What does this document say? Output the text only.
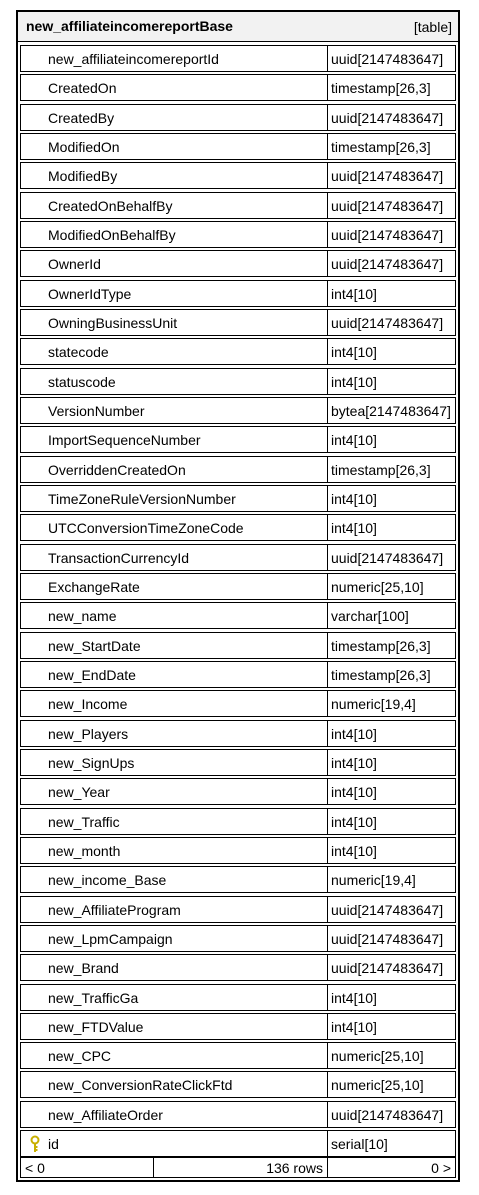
new_affiliateincomereportBase	[table]
new_affiliateincomereportId	uuid[2147483647]
CreatedOn	timestamp[26,3]
CreatedBy	uuid[2147483647]
ModifiedOn	timestamp[26,3]
ModifiedBy	uuid[2147483647]
CreatedOnBehalfBy	uuid[2147483647]
ModifiedOnBehalfBy	uuid[2147483647]
OwnerId	uuid[2147483647]
OwnerIdType	int4[10]
OwningBusinessUnit	uuid[2147483647]
statecode	int4[10]
statuscode	int4[10]
VersionNumber	bytea[2147483647]
ImportSequenceNumber	int4[10]
OverriddenCreatedOn	timestamp[26,3]
TimeZoneRuleVersionNumber	int4[10]
UTCConversionTimeZoneCode	int4[10]
TransactionCurrencyId	uuid[2147483647]
ExchangeRate	numeric[25,10]
new_name	varchar[100]
new_StartDate	timestamp[26,3]
new_EndDate	timestamp[26,3]
new_Income	numeric[19,4]
new_Players	int4[10]
new_SignUps	int4[10]
new_Year	int4[10]
new_Traffic	int4[10]
new_month	int4[10]
new_income_Base	numeric[19,4]
new_AffiliateProgram	uuid[2147483647]
new_LpmCampaign	uuid[2147483647]
new_Brand	uuid[2147483647]
new_TrafficGa	int4[10]
new_FTDValue	int4[10]
new_CPC	numeric[25,10]
new_ConversionRateClickFtd	numeric[25,10]
new_AffiliateOrder	uuid[2147483647]
id	serial[10]
< 0	136 rows	0 >
